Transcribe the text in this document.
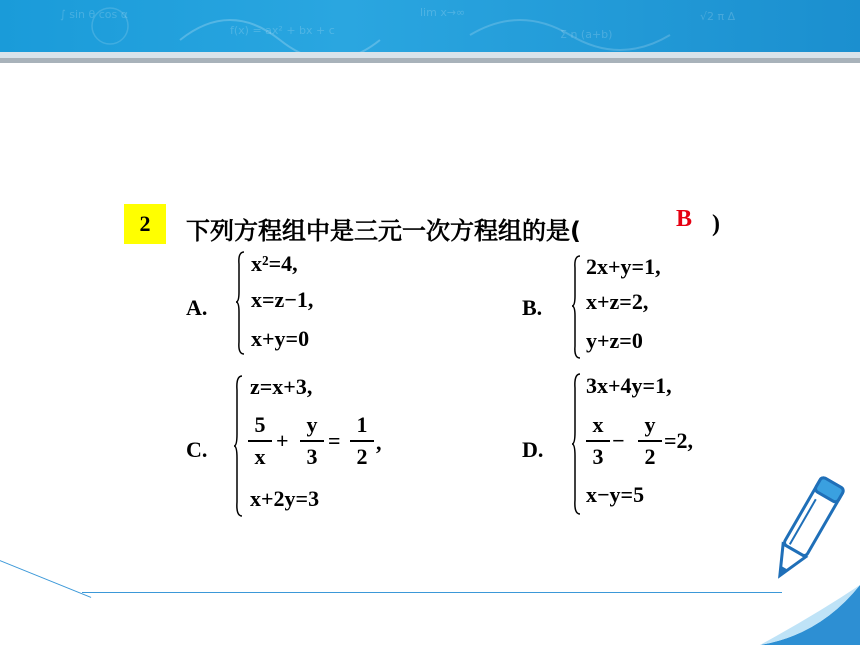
∫ sin θ cos α
f(x) = ax² + bx + c
lim x→∞
Σ n (a+b)
√2 π Δ
2	下列方程组中是三元一次方程组的是(	B )
A.
x²=4,
x=z−1,
x+y=0
B.
2x+y=1,
x+z=2,
y+z=0
C.
z=x+3,
5
x
+
y
3
=
1
2
,
x+2y=3
D.
3x+4y=1,
x
3
−
y
2
=2,
x−y=5
